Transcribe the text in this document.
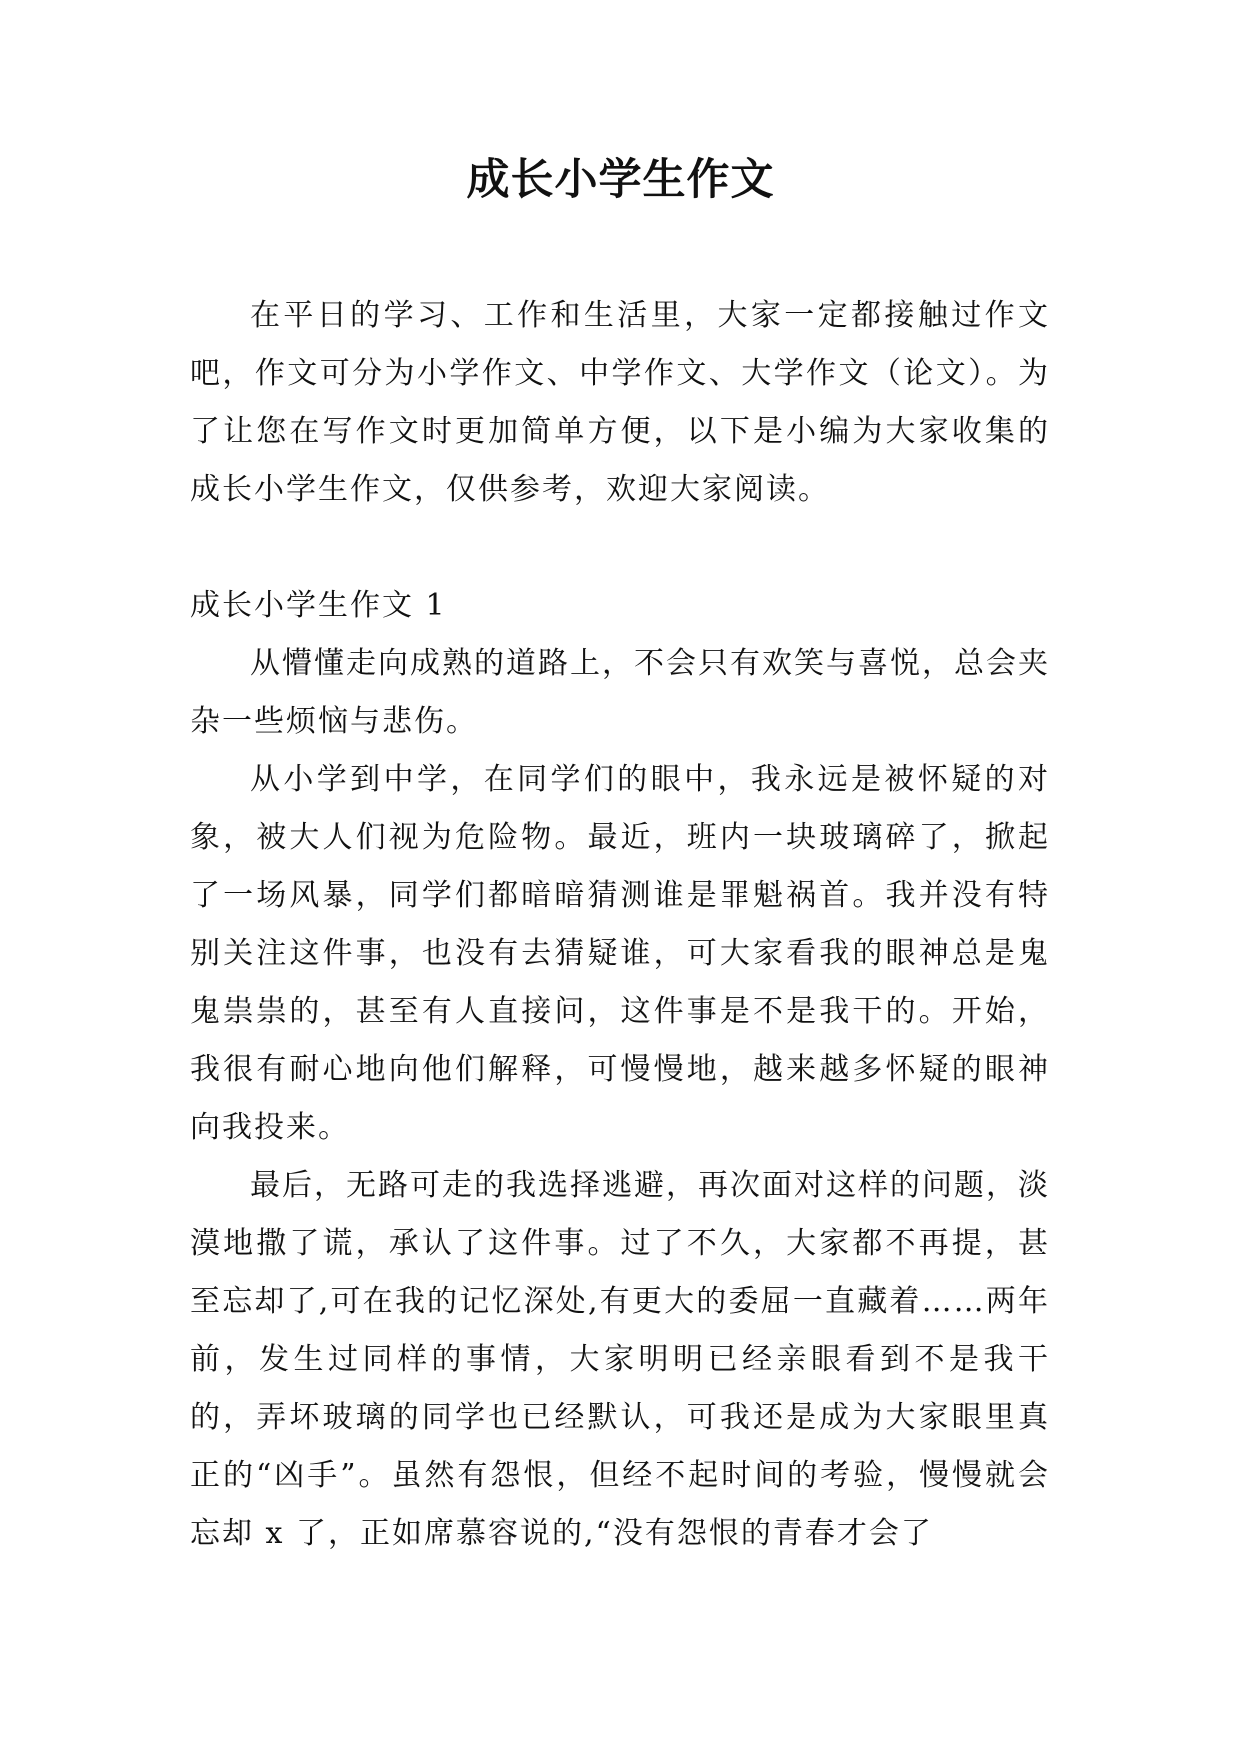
成长小学生作文

在平日的学习、工作和生活里，大家一定都接触过作文吧，作文可分为小学作文、中学作文、大学作文（论文）。为了让您在写作文时更加简单方便，以下是小编为大家收集的成长小学生作文，仅供参考，欢迎大家阅读。

成长小学生作文 1

从懵懂走向成熟的道路上，不会只有欢笑与喜悦，总会夹杂一些烦恼与悲伤。

从小学到中学，在同学们的眼中，我永远是被怀疑的对象，被大人们视为危险物。最近，班内一块玻璃碎了，掀起了一场风暴，同学们都暗暗猜测谁是罪魁祸首。我并没有特别关注这件事，也没有去猜疑谁，可大家看我的眼神总是鬼鬼祟祟的，甚至有人直接问，这件事是不是我干的。开始，我很有耐心地向他们解释，可慢慢地，越来越多怀疑的眼神向我投来。

最后，无路可走的我选择逃避，再次面对这样的问题，淡漠地撒了谎，承认了这件事。过了不久，大家都不再提，甚至忘却了,可在我的记忆深处,有更大的委屈一直藏着……两年前，发生过同样的事情，大家明明已经亲眼看到不是我干的，弄坏玻璃的同学也已经默认，可我还是成为大家眼里真正的“凶手”。虽然有怨恨，但经不起时间的考验，慢慢就会忘却 x 了，正如席慕容说的,“没有怨恨的青春才会了
